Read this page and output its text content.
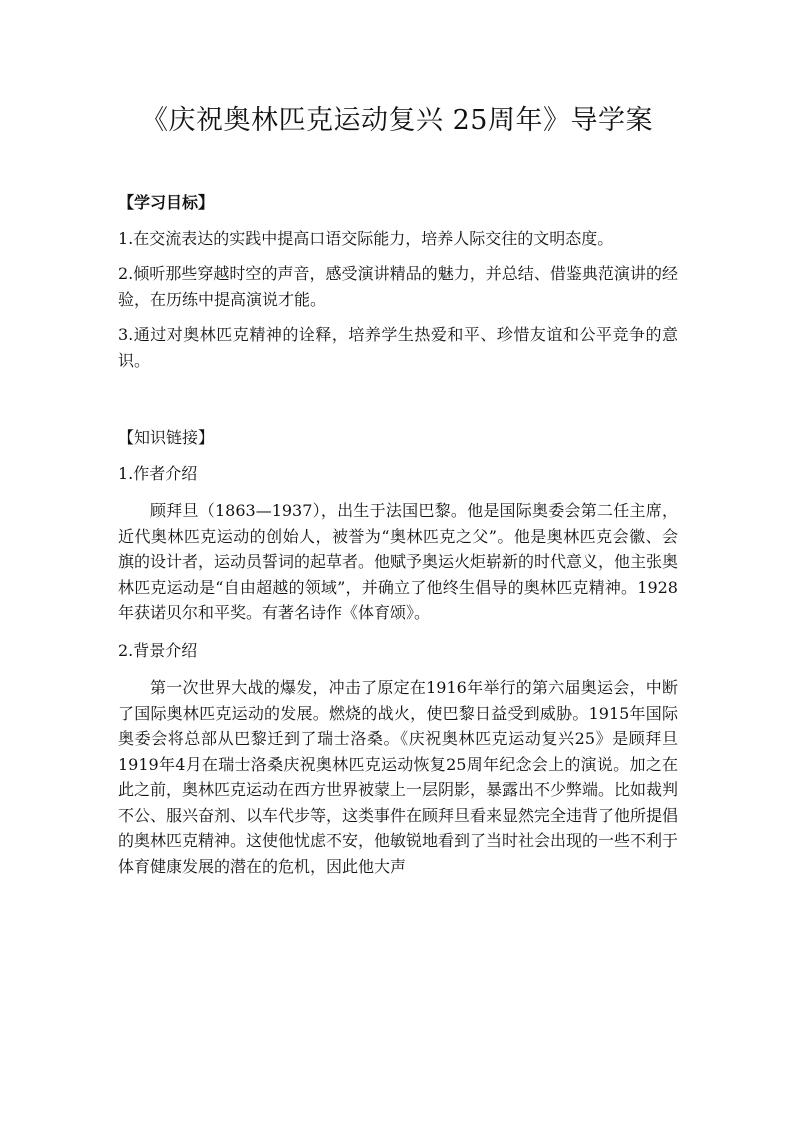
《庆祝奥林匹克运动复兴 25周年》导学案

【学习目标】

1.在交流表达的实践中提高口语交际能力，培养人际交往的文明态度。

2.倾听那些穿越时空的声音，感受演讲精品的魅力，并总结、借鉴典范演讲的经验，在历练中提高演说才能。

3.通过对奥林匹克精神的诠释，培养学生热爱和平、珍惜友谊和公平竞争的意识。

【知识链接】

1.作者介绍

顾拜旦（1863—1937），出生于法国巴黎。他是国际奥委会第二任主席，近代奥林匹克运动的创始人，被誉为“奥林匹克之父”。他是奥林匹克会徽、会旗的设计者，运动员誓词的起草者。他赋予奥运火炬崭新的时代意义，他主张奥林匹克运动是“自由超越的领域”，并确立了他终生倡导的奥林匹克精神。1928年获诺贝尔和平奖。有著名诗作《体育颂》。

2.背景介绍

第一次世界大战的爆发，冲击了原定在1916年举行的第六届奥运会，中断了国际奥林匹克运动的发展。燃烧的战火，使巴黎日益受到威胁。1915年国际奥委会将总部从巴黎迁到了瑞士洛桑。《庆祝奥林匹克运动复兴25》是顾拜旦1919年4月在瑞士洛桑庆祝奥林匹克运动恢复25周年纪念会上的演说。加之在此之前，奥林匹克运动在西方世界被蒙上一层阴影，暴露出不少弊端。比如裁判不公、服兴奋剂、以车代步等，这类事件在顾拜旦看来显然完全违背了他所提倡的奥林匹克精神。这使他忧虑不安，他敏锐地看到了当时社会出现的一些不利于体育健康发展的潜在的危机，因此他大声
